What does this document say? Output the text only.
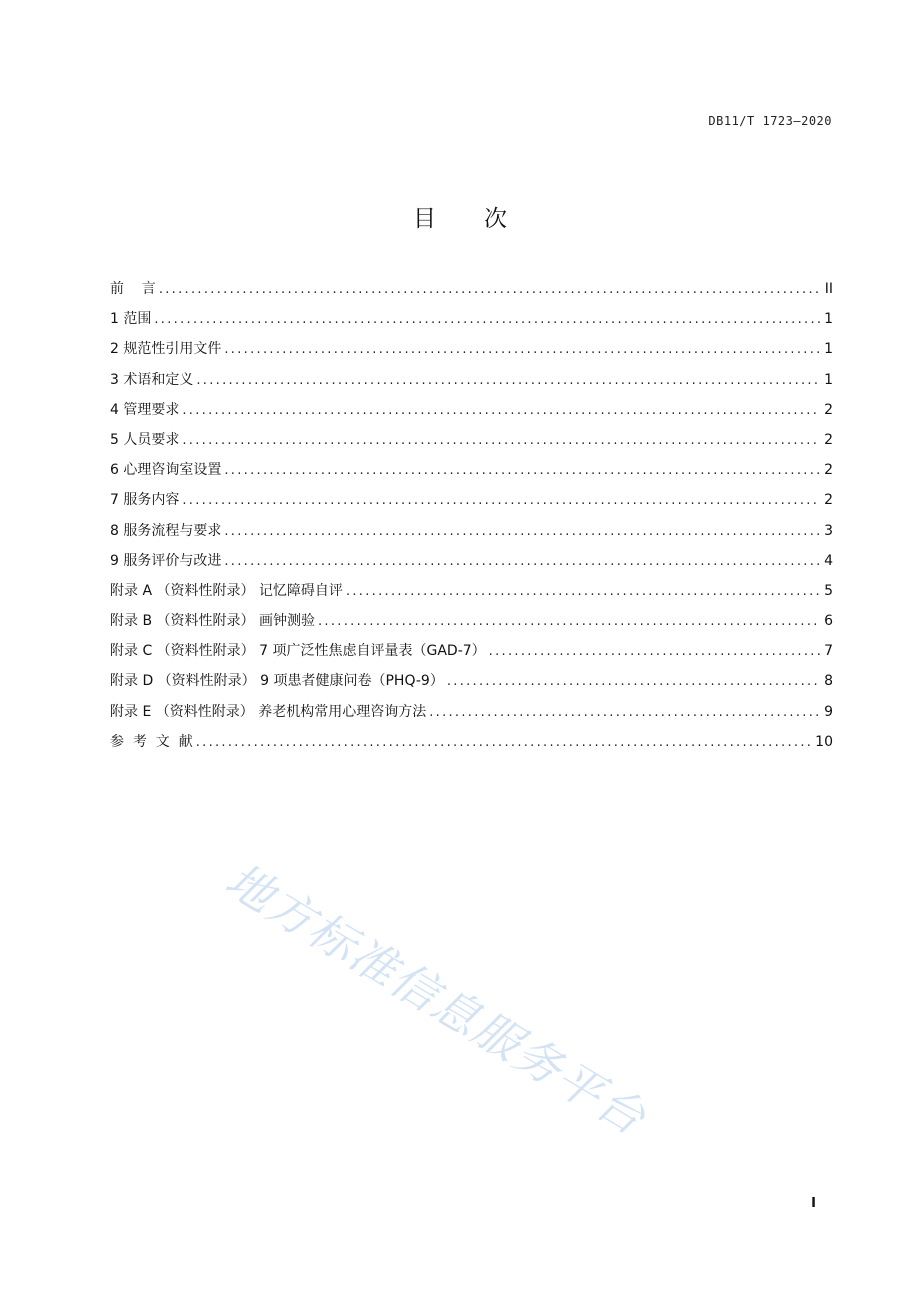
DB11/T 1723—2020
目次
前    言 .....	II
1 范围 .....	1
2 规范性引用文件 .....	1
3 术语和定义 .....	1
4 管理要求 .....	2
5 人员要求 .....	2
6 心理咨询室设置 .....	2
7 服务内容 .....	2
8 服务流程与要求 .....	3
9 服务评价与改进 .....	4
附录 A （资料性附录） 记忆障碍自评 .....	5
附录 B （资料性附录） 画钟测验 .....	6
附录 C （资料性附录） 7 项广泛性焦虑自评量表（GAD-7） .....	7
附录 D （资料性附录） 9 项患者健康问卷（PHQ-9） .....	8
附录 E （资料性附录） 养老机构常用心理咨询方法 .....	9
参  考  文  献 .....	10
地方标准信息服务平台
I
